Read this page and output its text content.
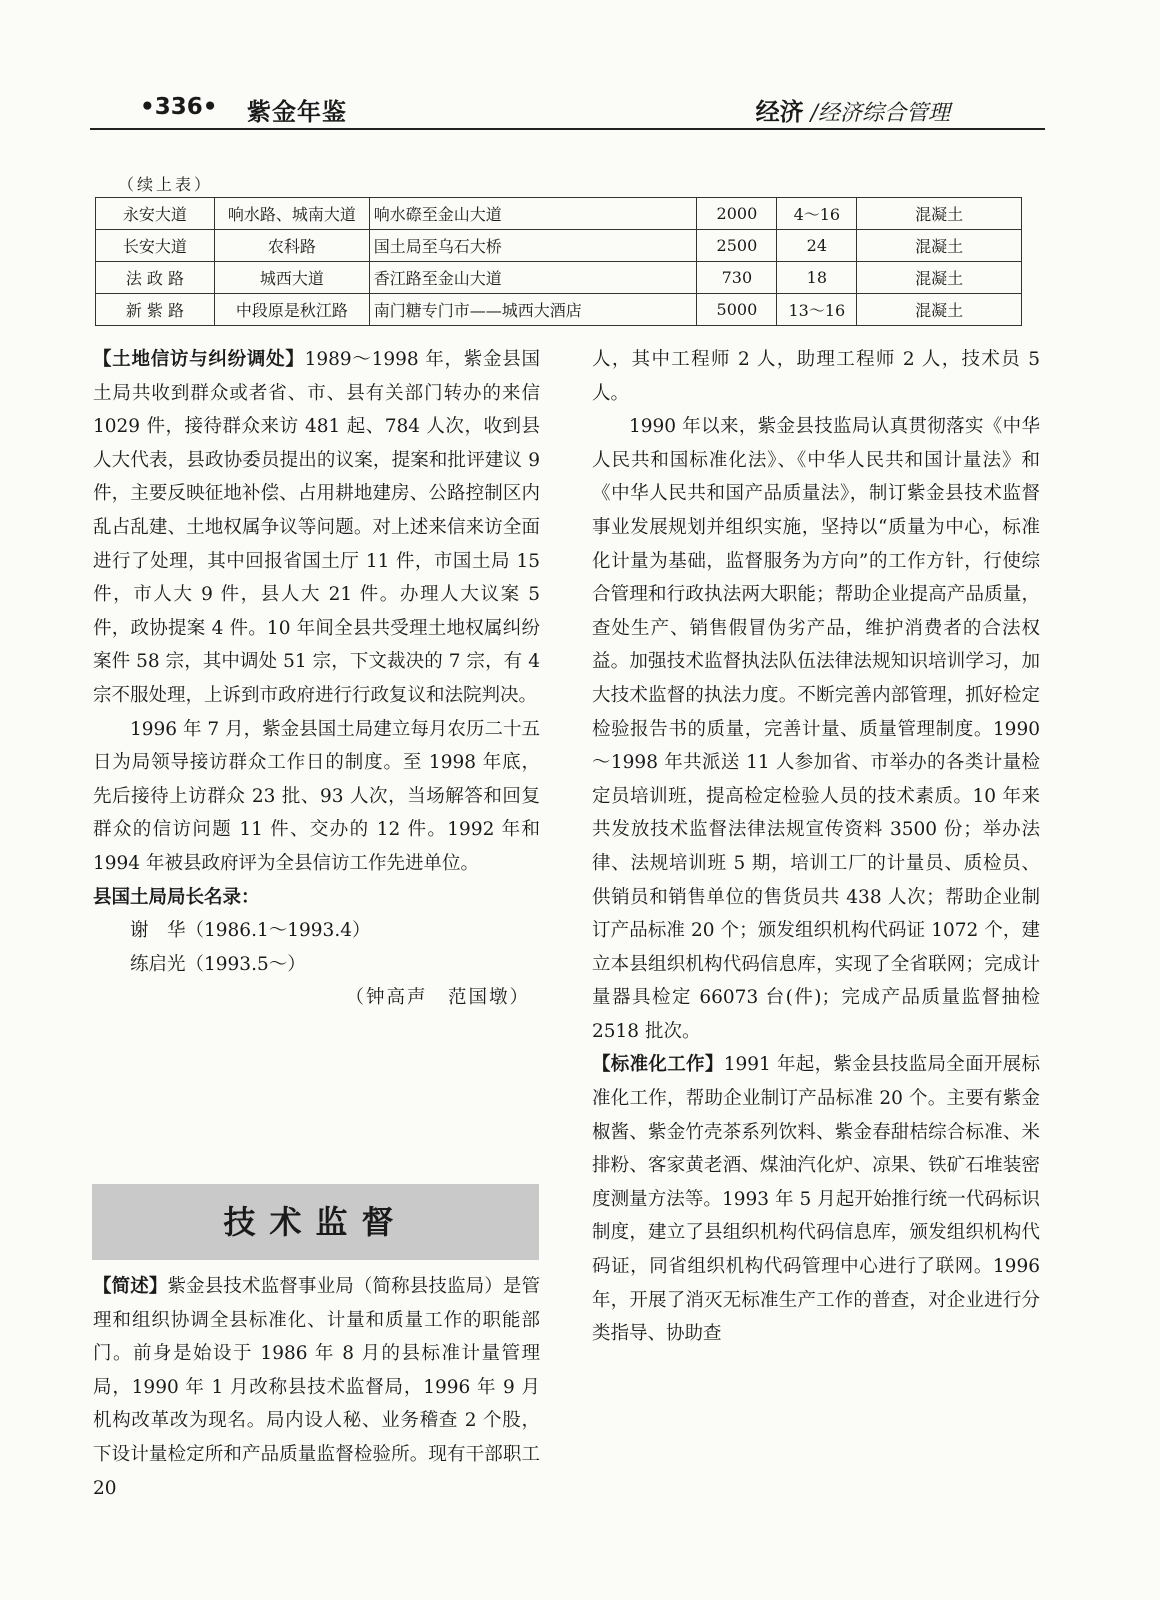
•336• 紫金年鉴	经济 /经济综合管理
（续上表）
永安大道	响水路、城南大道	响水磜至金山大道	2000	4～16	混凝土
长安大道	农科路	国土局至乌石大桥	2500	24	混凝土
法 政 路	城西大道	香江路至金山大道	730	18	混凝土
新 紫 路	中段原是秋江路	南门糖专门市——城西大酒店	5000	13～16	混凝土

【土地信访与纠纷调处】1989～1998 年，紫金县国土局共收到群众或者省、市、县有关部门转办的来信 1029 件，接待群众来访 481 起、784 人次，收到县人大代表，县政协委员提出的议案，提案和批评建议 9 件，主要反映征地补偿、占用耕地建房、公路控制区内乱占乱建、土地权属争议等问题。对上述来信来访全面进行了处理，其中回报省国土厅 11 件，市国土局 15 件，市人大 9 件，县人大 21 件。办理人大议案 5 件，政协提案 4 件。10 年间全县共受理土地权属纠纷案件 58 宗，其中调处 51 宗，下文裁决的 7 宗，有 4 宗不服处理，上诉到市政府进行行政复议和法院判决。

1996 年 7 月，紫金县国土局建立每月农历二十五日为局领导接访群众工作日的制度。至 1998 年底，先后接待上访群众 23 批、93 人次，当场解答和回复群众的信访问题 11 件、交办的 12 件。1992 年和 1994 年被县政府评为全县信访工作先进单位。

县国土局局长名录：

谢　华（1986.1～1993.4）

练启光（1993.5～）

（钟高声　范国墩）

技术监督

【简述】紫金县技术监督事业局（简称县技监局）是管理和组织协调全县标准化、计量和质量工作的职能部门。前身是始设于 1986 年 8 月的县标准计量管理局，1990 年 1 月改称县技术监督局，1996 年 9 月机构改革改为现名。局内设人秘、业务稽查 2 个股，下设计量检定所和产品质量监督检验所。现有干部职工 20

人，其中工程师 2 人，助理工程师 2 人，技术员 5 人。

1990 年以来，紫金县技监局认真贯彻落实《中华人民共和国标准化法》、《中华人民共和国计量法》和《中华人民共和国产品质量法》，制订紫金县技术监督事业发展规划并组织实施，坚持以“质量为中心，标准化计量为基础，监督服务为方向”的工作方针，行使综合管理和行政执法两大职能；帮助企业提高产品质量，查处生产、销售假冒伪劣产品，维护消费者的合法权益。加强技术监督执法队伍法律法规知识培训学习，加大技术监督的执法力度。不断完善内部管理，抓好检定检验报告书的质量，完善计量、质量管理制度。1990～1998 年共派送 11 人参加省、市举办的各类计量检定员培训班，提高检定检验人员的技术素质。10 年来共发放技术监督法律法规宣传资料 3500 份；举办法律、法规培训班 5 期，培训工厂的计量员、质检员、供销员和销售单位的售货员共 438 人次；帮助企业制订产品标准 20 个；颁发组织机构代码证 1072 个，建立本县组织机构代码信息库，实现了全省联网；完成计量器具检定 66073 台(件)；完成产品质量监督抽检 2518 批次。

【标准化工作】1991 年起，紫金县技监局全面开展标准化工作，帮助企业制订产品标准 20 个。主要有紫金椒酱、紫金竹壳茶系列饮料、紫金春甜桔综合标准、米排粉、客家黄老酒、煤油汽化炉、凉果、铁矿石堆装密度测量方法等。1993 年 5 月起开始推行统一代码标识制度，建立了县组织机构代码信息库，颁发组织机构代码证，同省组织机构代码管理中心进行了联网。1996 年，开展了消灭无标准生产工作的普查，对企业进行分类指导、协助查
